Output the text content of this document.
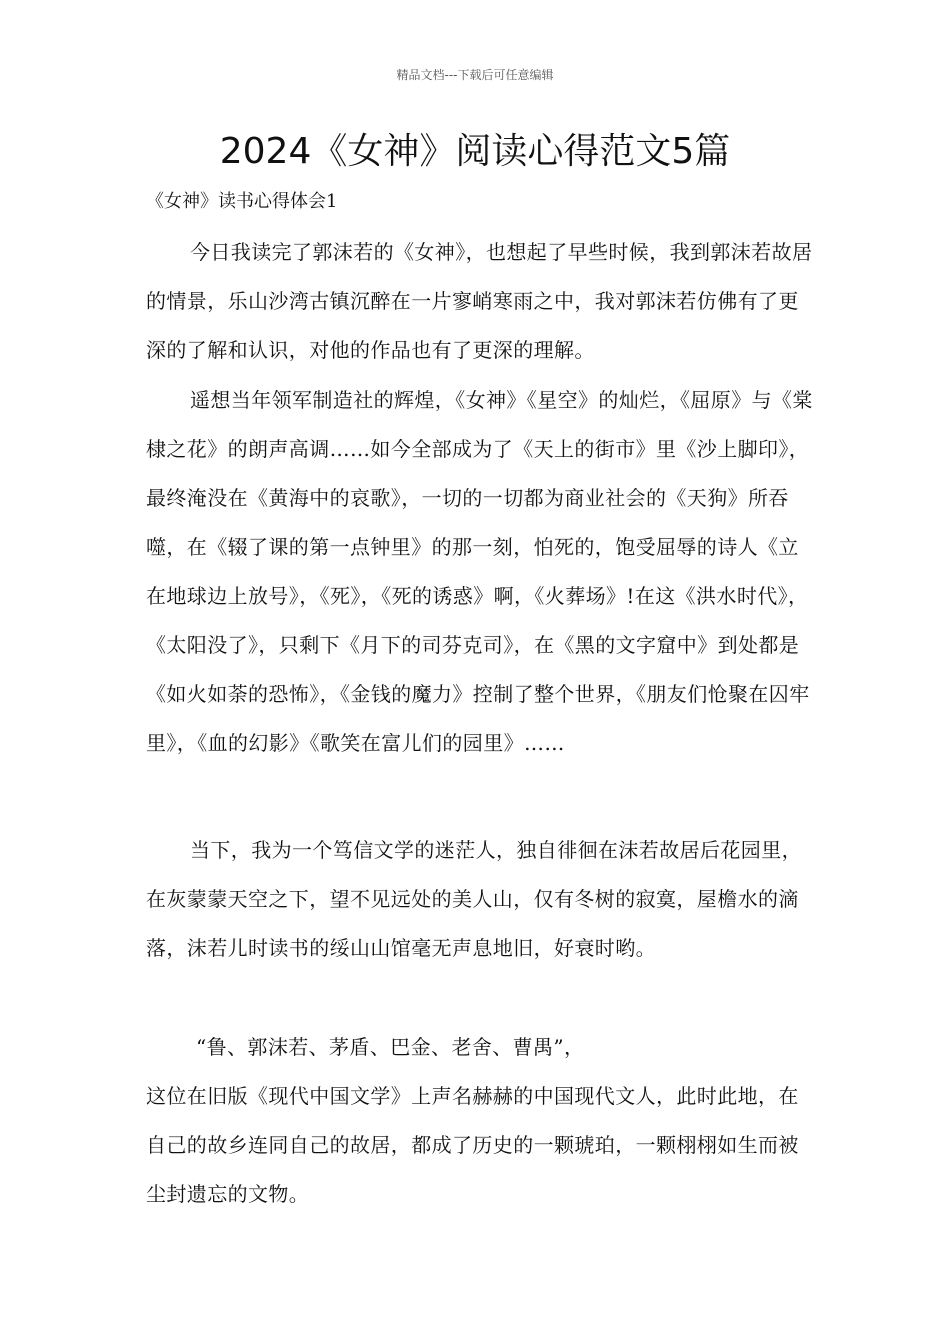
精品文档---下载后可任意编辑
2024《女神》阅读心得范文5篇
《女神》读书心得体会1

今日我读完了郭沫若的《女神》，也想起了早些时候，我到郭沫若故居的情景，乐山沙湾古镇沉醉在一片寥峭寒雨之中，我对郭沫若仿佛有了更深的了解和认识，对他的作品也有了更深的理解。

遥想当年领军制造社的辉煌，《女神》《星空》的灿烂，《屈原》与《棠棣之花》的朗声高调……如今全部成为了《天上的街市》里《沙上脚印》，最终淹没在《黄海中的哀歌》，一切的一切都为商业社会的《天狗》所吞噬，在《辍了课的第一点钟里》的那一刻，怕死的，饱受屈辱的诗人《立在地球边上放号》，《死》，《死的诱惑》啊，《火葬场》!在这《洪水时代》，《太阳没了》，只剩下《月下的司芬克司》，在《黑的文字窟中》到处都是《如火如荼的恐怖》，《金钱的魔力》控制了整个世界，《朋友们怆聚在囚牢里》，《血的幻影》《歌笑在富儿们的园里》……

当下，我为一个笃信文学的迷茫人，独自徘徊在沫若故居后花园里，在灰蒙蒙天空之下，望不见远处的美人山，仅有冬树的寂寞，屋檐水的滴落，沫若儿时读书的绥山山馆毫无声息地旧，好衰时哟。

“鲁、郭沫若、茅盾、巴金、老舍、曹禺”，

这位在旧版《现代中国文学》上声名赫赫的中国现代文人，此时此地，在自己的故乡连同自己的故居，都成了历史的一颗琥珀，一颗栩栩如生而被尘封遗忘的文物。
